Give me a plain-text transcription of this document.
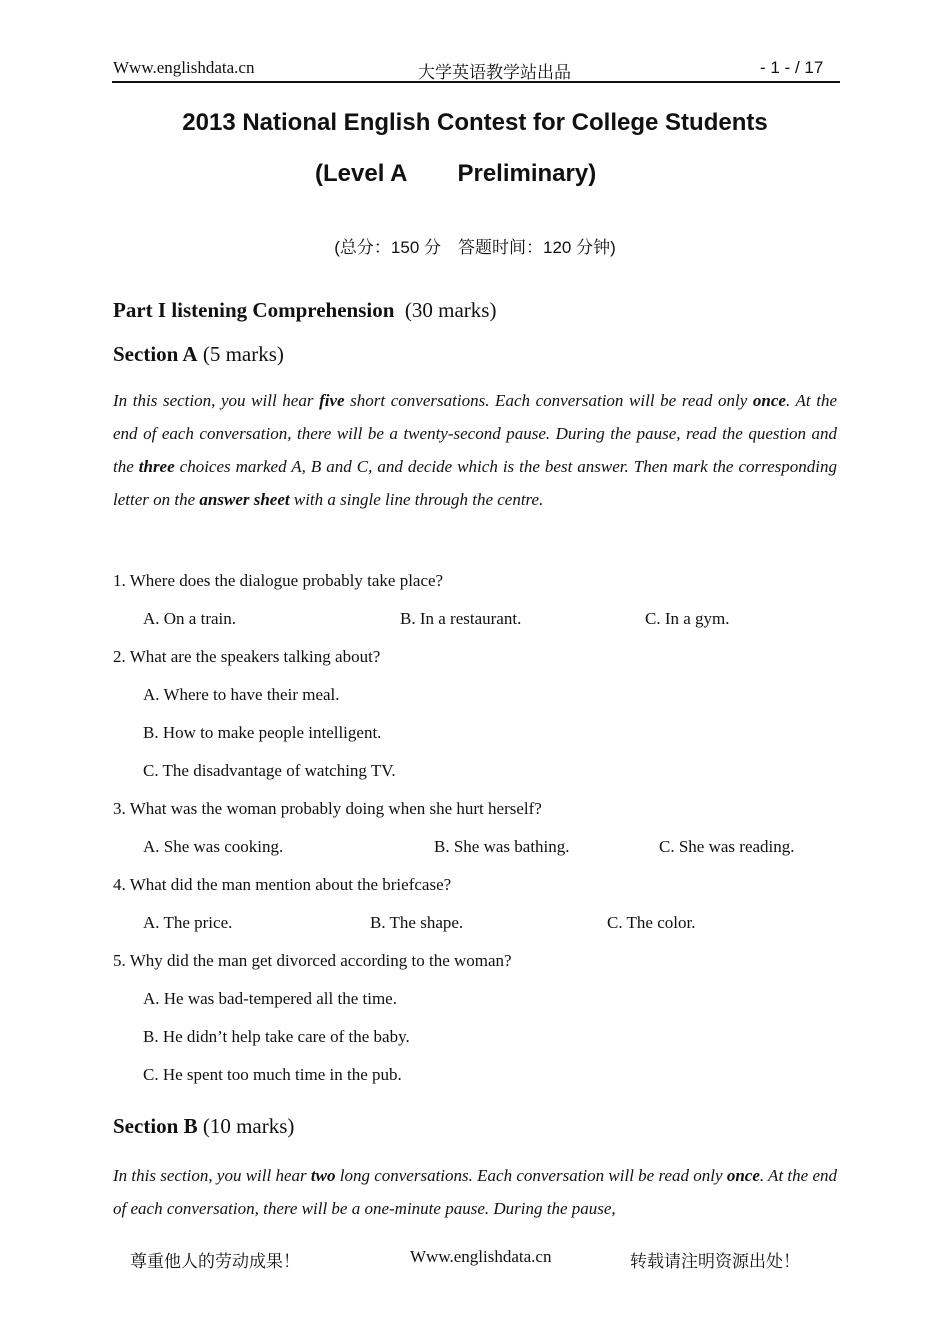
Www.englishdata.cn	大学英语教学站出品	- 1 - / 17
2013 National English Contest for College Students
(Level A Preliminary)
(总分：150 分　答题时间：120 分钟)
Part I listening Comprehension (30 marks)
Section A (5 marks)
In this section, you will hear five short conversations. Each conversation will be read only once. At the end of each conversation, there will be a twenty-second pause. During the pause, read the question and the three choices marked A, B and C, and decide which is the best answer. Then mark the corresponding letter on the answer sheet with a single line through the centre.
1. Where does the dialogue probably take place?
A. On a train.	B. In a restaurant.	C. In a gym.
2. What are the speakers talking about?
A. Where to have their meal.
B. How to make people intelligent.
C. The disadvantage of watching TV.
3. What was the woman probably doing when she hurt herself?
A. She was cooking.	B. She was bathing.	C. She was reading.
4. What did the man mention about the briefcase?
A. The price.	B. The shape.	C. The color.
5. Why did the man get divorced according to the woman?
A. He was bad-tempered all the time.
B. He didn’t help take care of the baby.
C. He spent too much time in the pub.
Section B (10 marks)
In this section, you will hear two long conversations. Each conversation will be read only once. At the end of each conversation, there will be a one-minute pause. During the pause,
尊重他人的劳动成果！	Www.englishdata.cn	转载请注明资源出处！
